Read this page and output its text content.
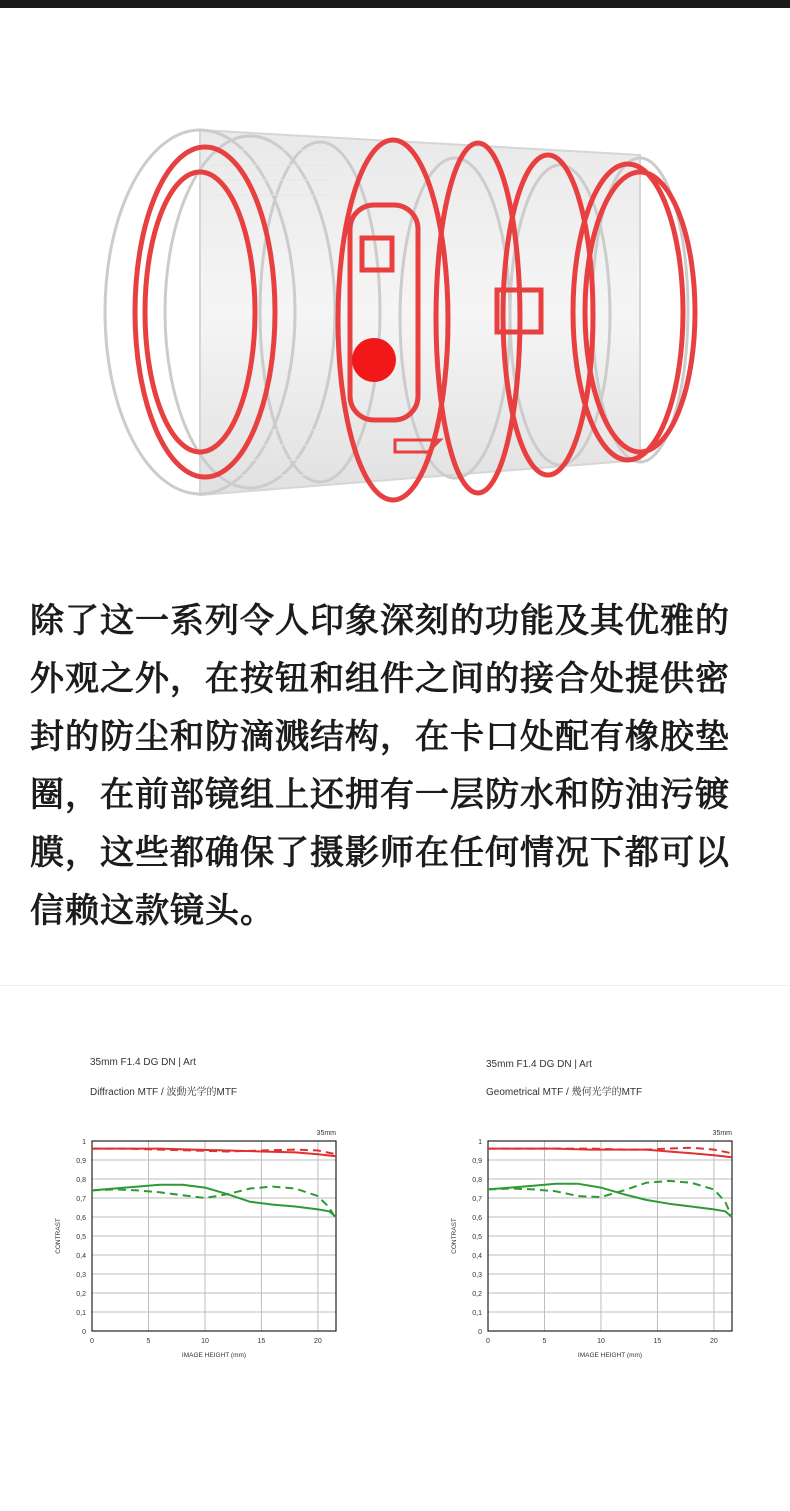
除了这一系列令人印象深刻的功能及其优雅的
外观之外，在按钮和组件之间的接合处提供密
封的防尘和防滴溅结构，在卡口处配有橡胶垫
圈，在前部镜组上还拥有一层防水和防油污镀
膜，这些都确保了摄影师在任何情况下都可以
信赖这款镜头。

35mm F1.4 DG DN | Art
Diffraction MTF / 波動光学的MTF
0
0,1
0,2
0,3
0,4
0,5
0,6
0,7
0,8
0,9
1
0	5	10	15	20
35mm
IMAGE HEIGHT (mm)
CONTRAST
35mm F1.4 DG DN | Art
Geometrical MTF / 幾何光学的MTF
0
0,1
0,2
0,3
0,4
0,5
0,6
0,7
0,8
0,9
1
0	5	10	15	20
35mm
IMAGE HEIGHT (mm)
CONTRAST
